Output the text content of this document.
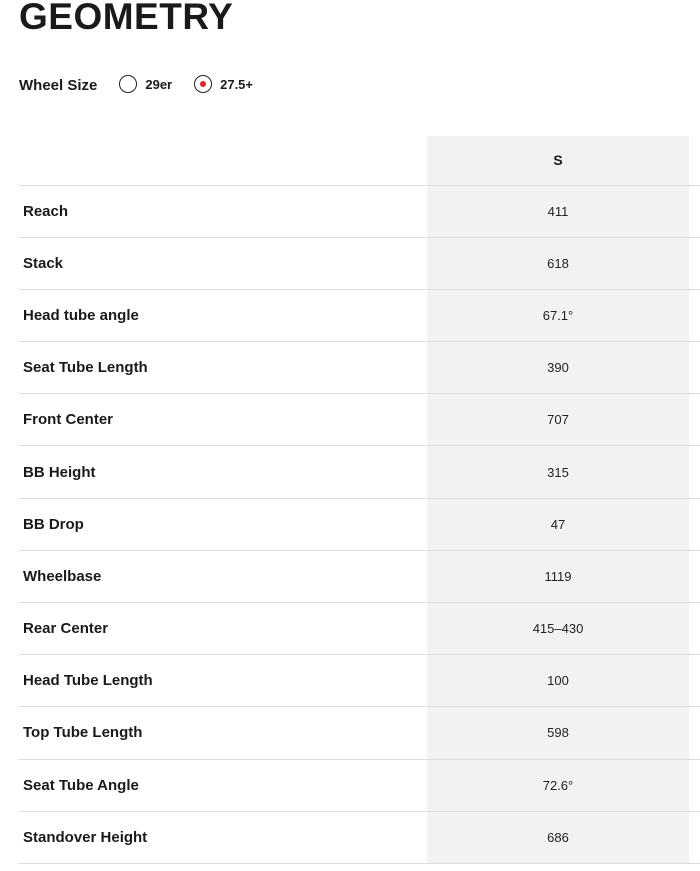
GEOMETRY
Wheel Size	29er	27.5+
	S	
Reach	411	
Stack	618	
Head tube angle	67.1°	
Seat Tube Length	390	
Front Center	707	
BB Height	315	
BB Drop	47	
Wheelbase	1119	
Rear Center	415–430	
Head Tube Length	100	
Top Tube Length	598	
Seat Tube Angle	72.6°	
Standover Height	686	
